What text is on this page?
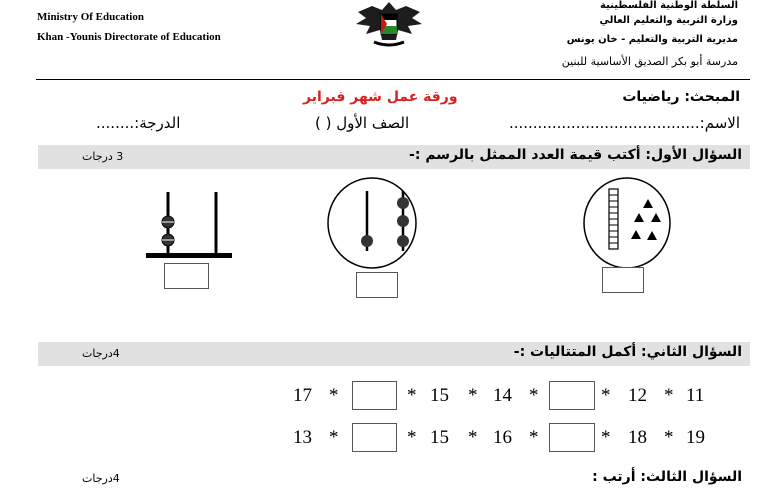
Ministry Of Education
Khan -Younis Directorate of Education
السلطة الوطنية الفلسطينية
وزارة التربية والتعليم العالي
مديرية التربية والتعليم - خان يونس
مدرسة أبو بكر الصديق الأساسية للبنين
ورقة عمل شهر فبراير	المبحث: رياضيات
الدرجة:........	الصف الأول ( )	الاسم:........................................
السؤال الأول: أكتب قيمة العدد الممثل بالرسم :-
3 درجات
السؤال الثاني: أكمل المتتاليات :-
4درجات
17 *	* 15 * 14 *	* 12 * 11
13 *	* 15 * 16 *	* 18 * 19
السؤال الثالث: أرتب :
4درجات
